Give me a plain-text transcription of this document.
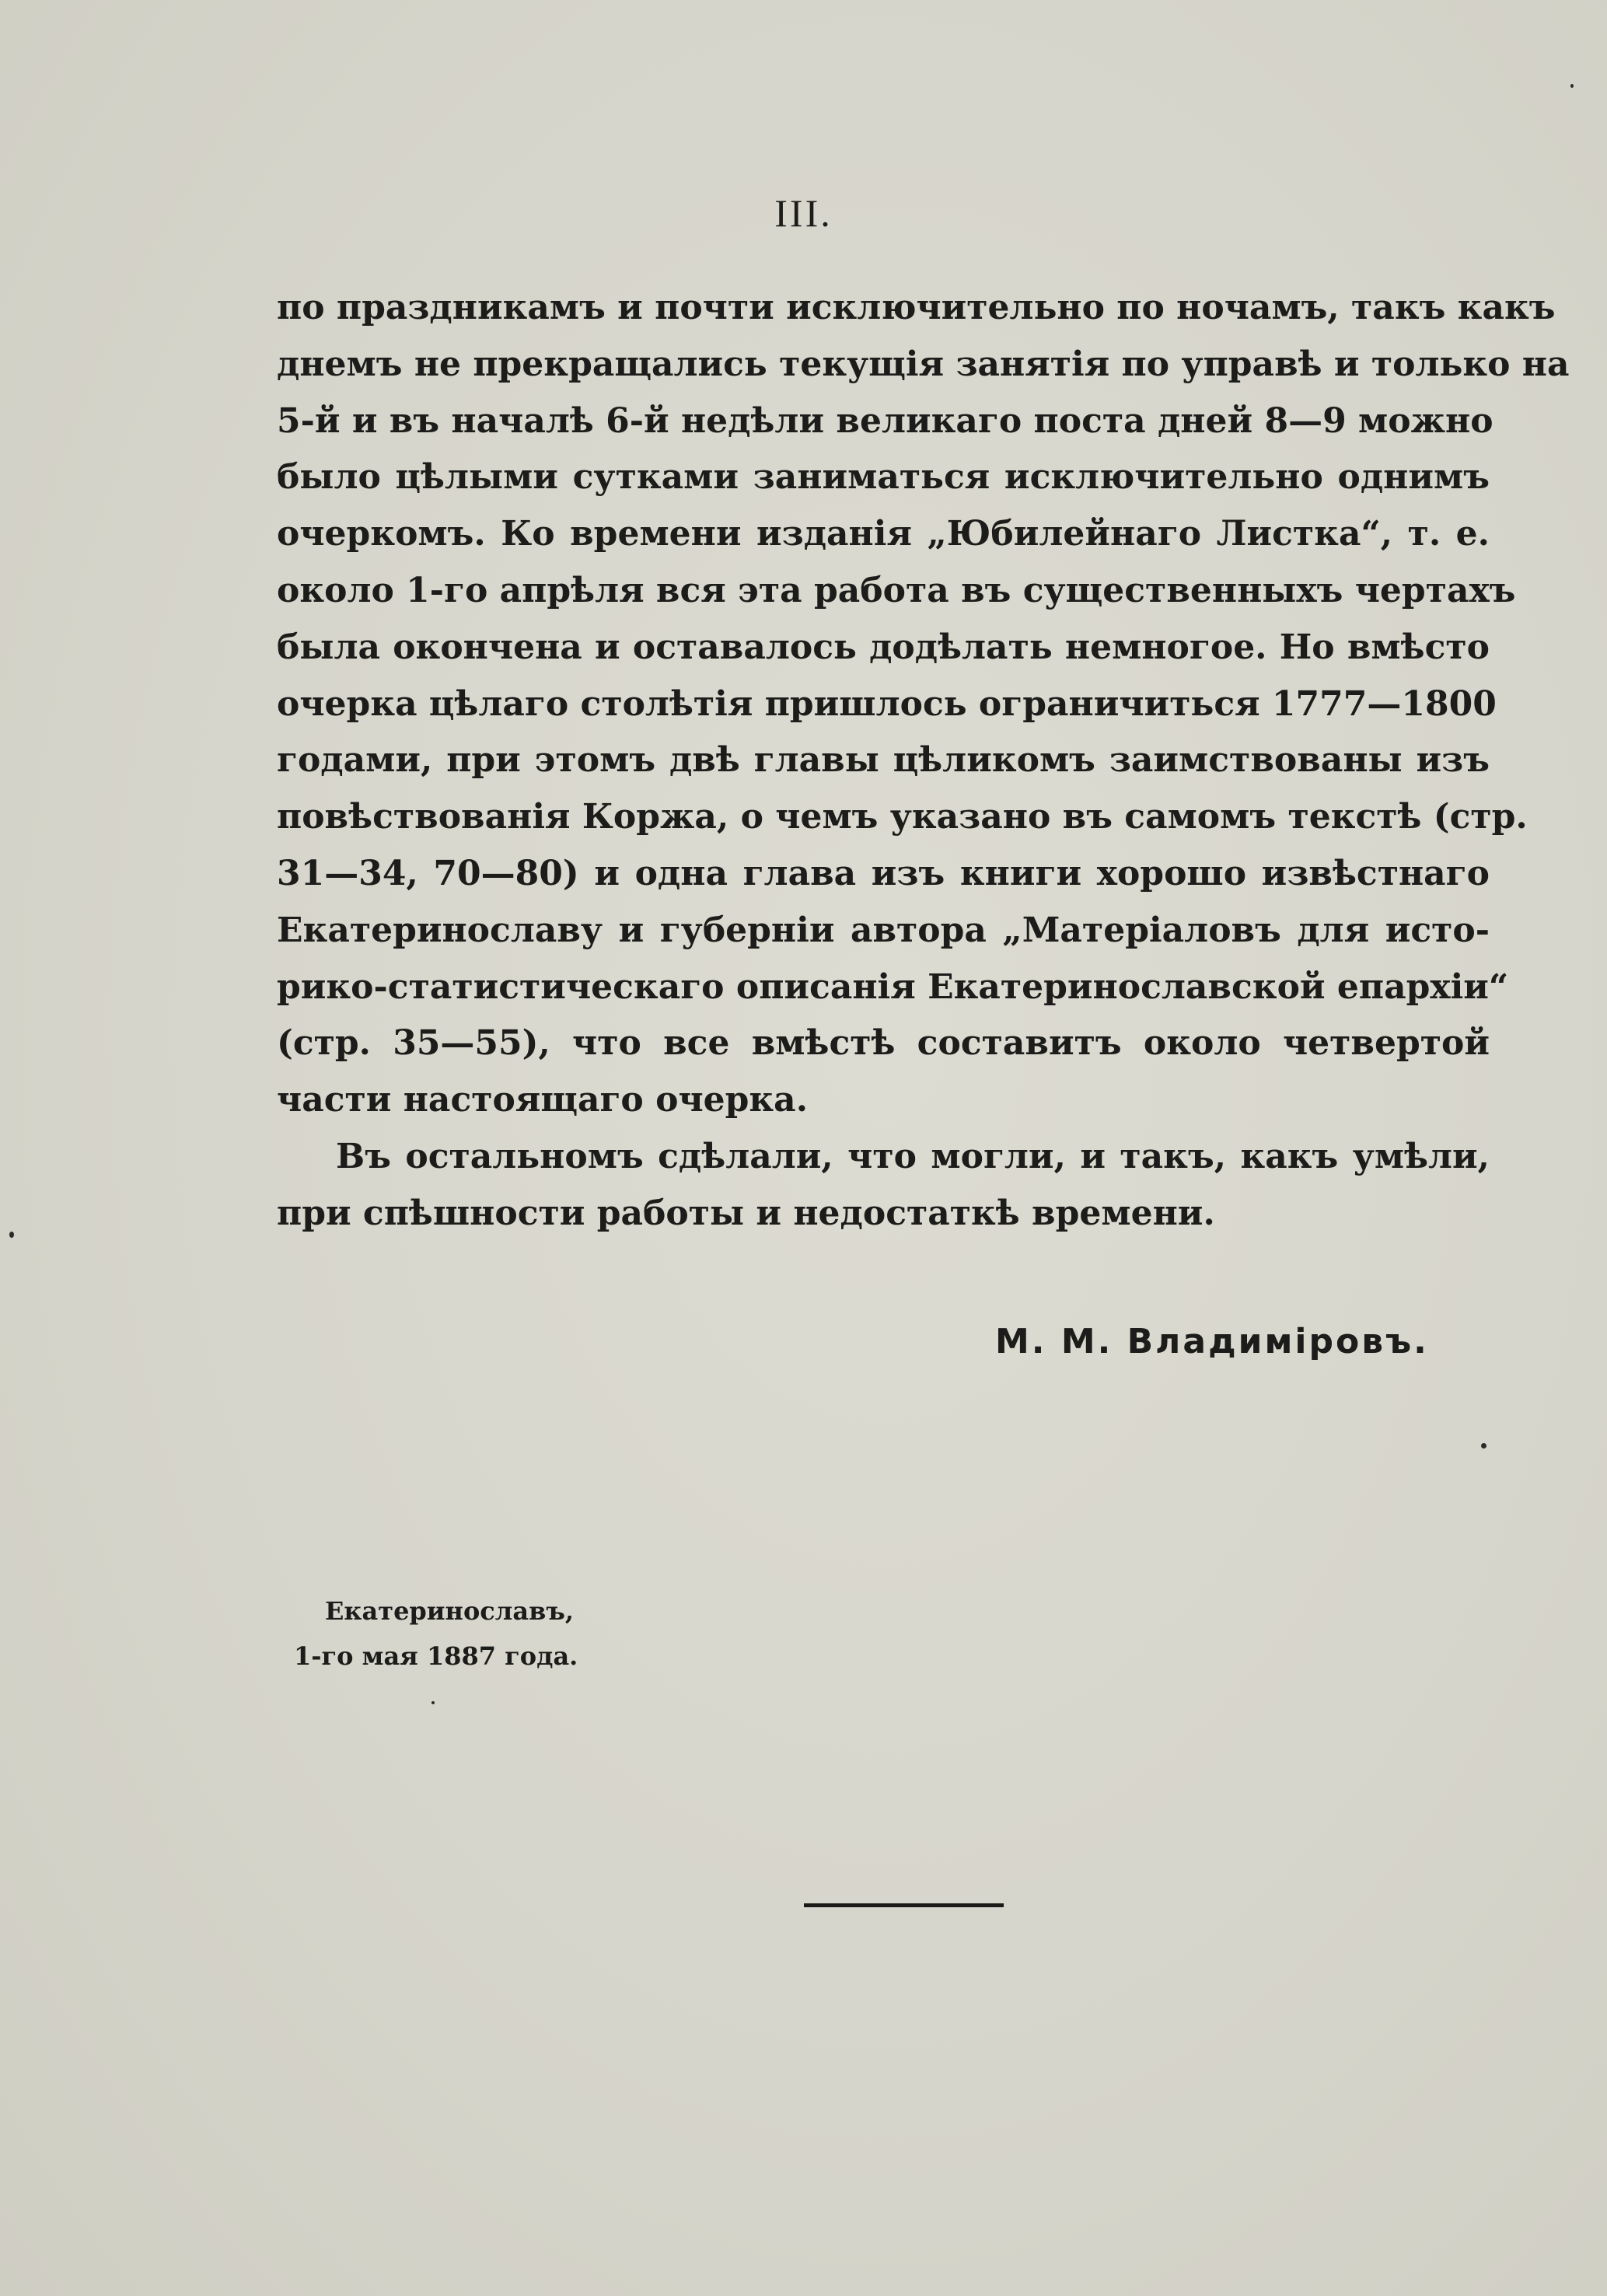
III.

по праздникамъ и почти исключительно по ночамъ, такъ какъ
днемъ не прекращались текущія занятія по управѣ и только на
5-й и въ началѣ 6-й недѣли великаго поста дней 8—9 можно
было цѣлыми сутками заниматься исключительно однимъ
очеркомъ. Ко времени изданія „Юбилейнаго Листка“, т. е.
около 1-го апрѣля вся эта работа въ существенныхъ чертахъ
была окончена и оставалось додѣлать немногое. Но вмѣсто
очерка цѣлаго столѣтія пришлось ограничиться 1777—1800
годами, при этомъ двѣ главы цѣликомъ заимствованы изъ
повѣствованія Коржа, о чемъ указано въ самомъ текстѣ (стр.
31—34, 70—80) и одна глава изъ книги хорошо извѣстнаго
Екатеринославу и губерніи автора „Матеріаловъ для исто-
рико-статистическаго описанія Екатеринославской епархіи“
(стр. 35—55), что все вмѣстѣ составитъ около четвертой
части настоящаго очерка.

Въ остальномъ сдѣлали, что могли, и такъ, какъ умѣли,
при спѣшности работы и недостаткѣ времени.

М. М. Владиміровъ.
Екатеринославъ,
1-го мая 1887 года.
